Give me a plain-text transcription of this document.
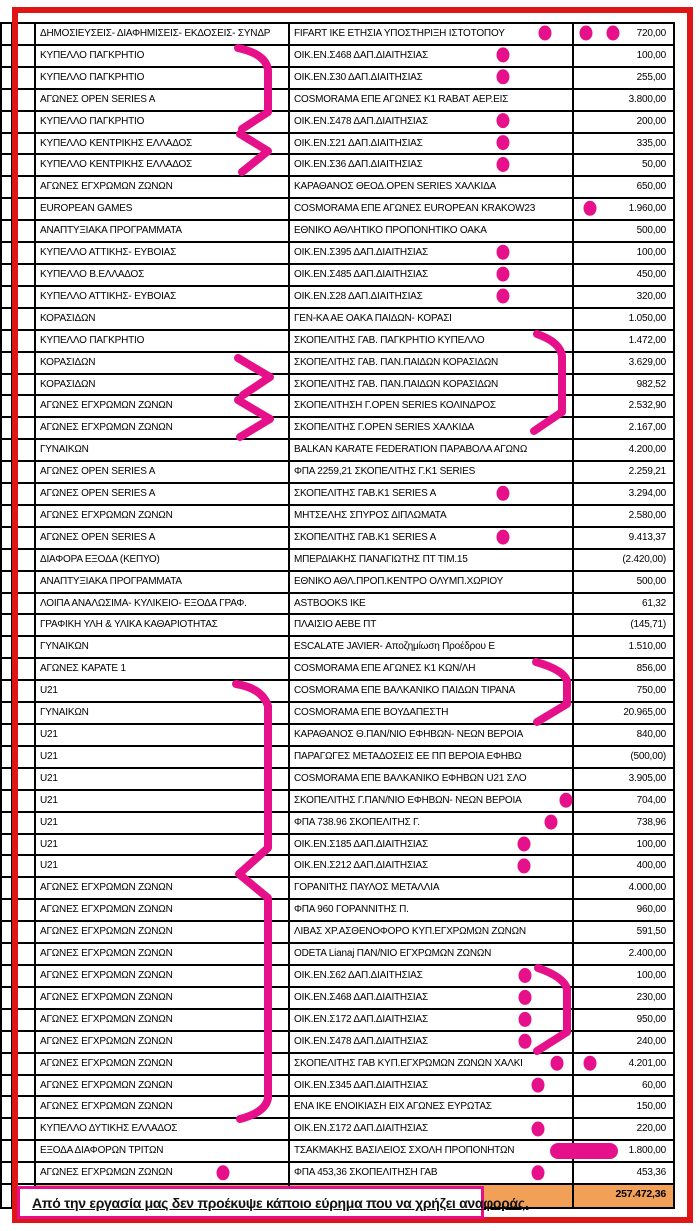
ΔΗΜΟΣΙΕΥΣΕΙΣ- ΔΙΑΦΗΜΙΣΕΙΣ- ΕΚΔΟΣΕΙΣ- ΣΥΝΔΡ	FIFART IKE ΕΤΗΣΙΑ ΥΠΟΣΤΗΡΙΞΗ ΙΣΤΟΤΟΠΟΥ	720,00
ΚΥΠΕΛΛΟ ΠΑΓΚΡΗΤΙΟ	ΟΙΚ.ΕΝ.Σ468 ΔΑΠ.ΔΙΑΙΤΗΣΙΑΣ	100,00
ΚΥΠΕΛΛΟ ΠΑΓΚΡΗΤΙΟ	ΟΙΚ.ΕΝ.Σ30 ΔΑΠ.ΔΙΑΙΤΗΣΙΑΣ	255,00
ΑΓΩΝΕΣ OPEN SERIES A	COSMORAMA ΕΠΕ ΑΓΩΝΕΣ Κ1 RABAT ΑΕΡ.ΕΙΣ	3.800,00
ΚΥΠΕΛΛΟ ΠΑΓΚΡΗΤΙΟ	ΟΙΚ.ΕΝ.Σ478 ΔΑΠ.ΔΙΑΙΤΗΣΙΑΣ	200,00
ΚΥΠΕΛΛΟ ΚΕΝΤΡΙΚΗΣ ΕΛΛΑΔΟΣ	ΟΙΚ.ΕΝ.Σ21 ΔΑΠ.ΔΙΑΙΤΗΣΙΑΣ	335,00
ΚΥΠΕΛΛΟ ΚΕΝΤΡΙΚΗΣ ΕΛΛΑΔΟΣ	ΟΙΚ.ΕΝ.Σ36 ΔΑΠ.ΔΙΑΙΤΗΣΙΑΣ	50,00
ΑΓΩΝΕΣ ΕΓΧΡΩΜΩΝ ΖΩΝΩΝ	ΚΑΡΑΘΑΝΟΣ ΘΕΟΔ.OPEN SERIES ΧΑΛΚΙΔΑ	650,00
EUROPEAN GAMES	COSMORAMA ΕΠΕ ΑΓΩΝΕΣ EUROPEAN KRAKOW23	1.960,00
ΑΝΑΠΤΥΞΙΑΚΑ ΠΡΟΓΡΑΜΜΑΤΑ	ΕΘΝΙΚΟ ΑΘΛΗΤΙΚΟ ΠΡΟΠΟΝΗΤΙΚΟ ΟΑΚΑ	500,00
ΚΥΠΕΛΛΟ ΑΤΤΙΚΗΣ- ΕΥΒΟΙΑΣ	ΟΙΚ.ΕΝ.Σ395 ΔΑΠ.ΔΙΑΙΤΗΣΙΑΣ	100,00
ΚΥΠΕΛΛΟ Β.ΕΛΛΑΔΟΣ	ΟΙΚ.ΕΝ.Σ485 ΔΑΠ.ΔΙΑΙΤΗΣΙΑΣ	450,00
ΚΥΠΕΛΛΟ ΑΤΤΙΚΗΣ- ΕΥΒΟΙΑΣ	ΟΙΚ.ΕΝ.Σ28 ΔΑΠ.ΔΙΑΙΤΗΣΙΑΣ	320,00
ΚΟΡΑΣΙΔΩΝ	ΓΕΝ-ΚΑ ΑΕ ΟΑΚΑ ΠΑΙΔΩΝ- ΚΟΡΑΣΙ	1.050,00
ΚΥΠΕΛΛΟ ΠΑΓΚΡΗΤΙΟ	ΣΚΟΠΕΛΙΤΗΣ ΓΑΒ. ΠΑΓΚΡΗΤΙΟ ΚΥΠΕΛΛΟ	1.472,00
ΚΟΡΑΣΙΔΩΝ	ΣΚΟΠΕΛΙΤΗΣ ΓΑΒ. ΠΑΝ.ΠΑΙΔΩΝ ΚΟΡΑΣΙΔΩΝ	3.629,00
ΚΟΡΑΣΙΔΩΝ	ΣΚΟΠΕΛΙΤΗΣ ΓΑΒ. ΠΑΝ.ΠΑΙΔΩΝ ΚΟΡΑΣΙΔΩΝ	982,52
ΑΓΩΝΕΣ ΕΓΧΡΩΜΩΝ ΖΩΝΩΝ	ΣΚΟΠΕΛΙΤΗΣΗ Γ.OPEN SERIES ΚΟΛΙΝΔΡΟΣ	2.532,90
ΑΓΩΝΕΣ ΕΓΧΡΩΜΩΝ ΖΩΝΩΝ	ΣΚΟΠΕΛΙΤΗΣ Γ.OPEN SERIES ΧΑΛΚΙΔΑ	2.167,00
ΓΥΝΑΙΚΩΝ	BALKAN KARATE FEDERATION ΠΑΡΑΒΟΛΑ ΑΓΩΝΩ	4.200,00
ΑΓΩΝΕΣ OPEN SERIES A	ΦΠΑ 2259,21 ΣΚΟΠΕΛΙΤΗΣ Γ.Κ1 SERIES	2.259,21
ΑΓΩΝΕΣ OPEN SERIES A	ΣΚΟΠΕΛΙΤΗΣ ΓΑΒ.Κ1 SERIES A	3.294,00
ΑΓΩΝΕΣ ΕΓΧΡΩΜΩΝ ΖΩΝΩΝ	ΜΗΤΣΕΛΗΣ ΣΠΥΡΟΣ ΔΙΠΛΩΜΑΤΑ	2.580,00
ΑΓΩΝΕΣ OPEN SERIES A	ΣΚΟΠΕΛΙΤΗΣ ΓΑΒ.Κ1 SERIES A	9.413,37
ΔΙΑΦΟΡΑ ΕΞΟΔΑ (ΚΕΠΥΟ)	ΜΠΕΡΔΙΑΚΗΣ ΠΑΝΑΓΙΩΤΗΣ ΠΤ ΤΙΜ.15	(2.420,00)
ΑΝΑΠΤΥΞΙΑΚΑ ΠΡΟΓΡΑΜΜΑΤΑ	ΕΘΝΙΚΟ ΑΘΛ.ΠΡΟΠ.ΚΕΝΤΡΟ ΟΛΥΜΠ.ΧΩΡΙΟΥ	500,00
ΛΟΙΠΑ ΑΝΑΛΩΣΙΜΑ- ΚΥΛΙΚΕΙΟ- ΕΞΟΔΑ ΓΡΑΦ.	ASTBOOKS IKE	61,32
ΓΡΑΦΙΚΗ ΥΛΗ & ΥΛΙΚΑ ΚΑΘΑΡΙΟΤΗΤΑΣ	ΠΛΑΙΣΙΟ ΑΕΒΕ ΠΤ	(145,71)
ΓΥΝΑΙΚΩΝ	ESCALATE JAVIER- Αποζημίωση Προέδρου Ε	1.510,00
ΑΓΩΝΕΣ ΚΑΡΑΤΕ 1	COSMORAMA ΕΠΕ ΑΓΩΝΕΣ Κ1 ΚΩΝ/ΛΗ	856,00
U21	COSMORAMA ΕΠΕ ΒΑΛΚΑΝΙΚΟ ΠΑΙΔΩΝ ΤΙΡΑΝΑ	750,00
ΓΥΝΑΙΚΩΝ	COSMORAMA ΕΠΕ ΒΟΥΔΑΠΕΣΤΗ	20.965,00
U21	ΚΑΡΑΘΑΝΟΣ Θ.ΠΑΝ/ΝΙΟ ΕΦΗΒΩΝ- ΝΕΩΝ ΒΕΡΟΙΑ	840,00
U21	ΠΑΡΑΓΩΓΕΣ ΜΕΤΑΔΟΣΕΙΣ ΕΕ ΠΠ ΒΕΡΟΙΑ ΕΦΗΒΩ	(500,00)
U21	COSMORAMA ΕΠΕ ΒΑΛΚΑΝΙΚΟ ΕΦΗΒΩΝ U21 ΣΛΟ	3.905,00
U21	ΣΚΟΠΕΛΙΤΗΣ Γ.ΠΑΝ/ΝΙΟ ΕΦΗΒΩΝ- ΝΕΩΝ ΒΕΡΟΙΑ	704,00
U21	ΦΠΑ 738.96 ΣΚΟΠΕΛΙΤΗΣ Γ.	738,96
U21	ΟΙΚ.ΕΝ.Σ185 ΔΑΠ.ΔΙΑΙΤΗΣΙΑΣ	100,00
U21	ΟΙΚ.ΕΝ.Σ212 ΔΑΠ.ΔΙΑΙΤΗΣΙΑΣ	400,00
ΑΓΩΝΕΣ ΕΓΧΡΩΜΩΝ ΖΩΝΩΝ	ΓΟΡΑΝΙΤΗΣ ΠΑΥΛΟΣ ΜΕΤΑΛΛΙΑ	4.000,00
ΑΓΩΝΕΣ ΕΓΧΡΩΜΩΝ ΖΩΝΩΝ	ΦΠΑ 960 ΓΟΡΑΝΝΙΤΗΣ Π.	960,00
ΑΓΩΝΕΣ ΕΓΧΡΩΜΩΝ ΖΩΝΩΝ	ΛΙΒΑΣ ΧΡ.ΑΣΘΕΝΟΦΟΡΟ ΚΥΠ.ΕΓΧΡΩΜΩΝ ΖΩΝΩΝ	591,50
ΑΓΩΝΕΣ ΕΓΧΡΩΜΩΝ ΖΩΝΩΝ	ODETA Lianaj ΠΑΝ/ΝΙΟ ΕΓΧΡΩΜΩΝ ΖΩΝΩΝ	2.400,00
ΑΓΩΝΕΣ ΕΓΧΡΩΜΩΝ ΖΩΝΩΝ	ΟΙΚ.ΕΝ.Σ62 ΔΑΠ.ΔΙΑΙΤΗΣΙΑΣ	100,00
ΑΓΩΝΕΣ ΕΓΧΡΩΜΩΝ ΖΩΝΩΝ	ΟΙΚ.ΕΝ.Σ468 ΔΑΠ.ΔΙΑΙΤΗΣΙΑΣ	230,00
ΑΓΩΝΕΣ ΕΓΧΡΩΜΩΝ ΖΩΝΩΝ	ΟΙΚ.ΕΝ.Σ172 ΔΑΠ.ΔΙΑΙΤΗΣΙΑΣ	950,00
ΑΓΩΝΕΣ ΕΓΧΡΩΜΩΝ ΖΩΝΩΝ	ΟΙΚ.ΕΝ.Σ478 ΔΑΠ.ΔΙΑΙΤΗΣΙΑΣ	240,00
ΑΓΩΝΕΣ ΕΓΧΡΩΜΩΝ ΖΩΝΩΝ	ΣΚΟΠΕΛΙΤΗΣ ΓΑΒ ΚΥΠ.ΕΓΧΡΩΜΩΝ ΖΩΝΩΝ ΧΑΛΚΙ	4.201,00
ΑΓΩΝΕΣ ΕΓΧΡΩΜΩΝ ΖΩΝΩΝ	ΟΙΚ.ΕΝ.Σ345 ΔΑΠ.ΔΙΑΙΤΗΣΙΑΣ	60,00
ΑΓΩΝΕΣ ΕΓΧΡΩΜΩΝ ΖΩΝΩΝ	ΕΝΑ ΙΚΕ ΕΝΟΙΚΙΑΣΗ ΕΙΧ ΑΓΩΝΕΣ ΕΥΡΩΤΑΣ	150,00
ΚΥΠΕΛΛΟ ΔΥΤΙΚΗΣ ΕΛΛΑΔΟΣ	ΟΙΚ.ΕΝ.Σ172 ΔΑΠ.ΔΙΑΙΤΗΣΙΑΣ	220,00
ΕΞΟΔΑ ΔΙΑΦΟΡΩΝ ΤΡΙΤΩΝ	ΤΣΑΚΜΑΚΗΣ ΒΑΣΙΛΕΙΟΣ ΣΧΟΛΗ ΠΡΟΠΟΝΗΤΩΝ	1.800,00
ΑΓΩΝΕΣ ΕΓΧΡΩΜΩΝ ΖΩΝΩΝ	ΦΠΑ 453,36 ΣΚΟΠΕΛΙΤΗΣΗ ΓΑΒ	453,36
257.472,36
Από την εργασία μας δεν προέκυψε κάποιο εύρημα που να χρήζει αναφοράς.
